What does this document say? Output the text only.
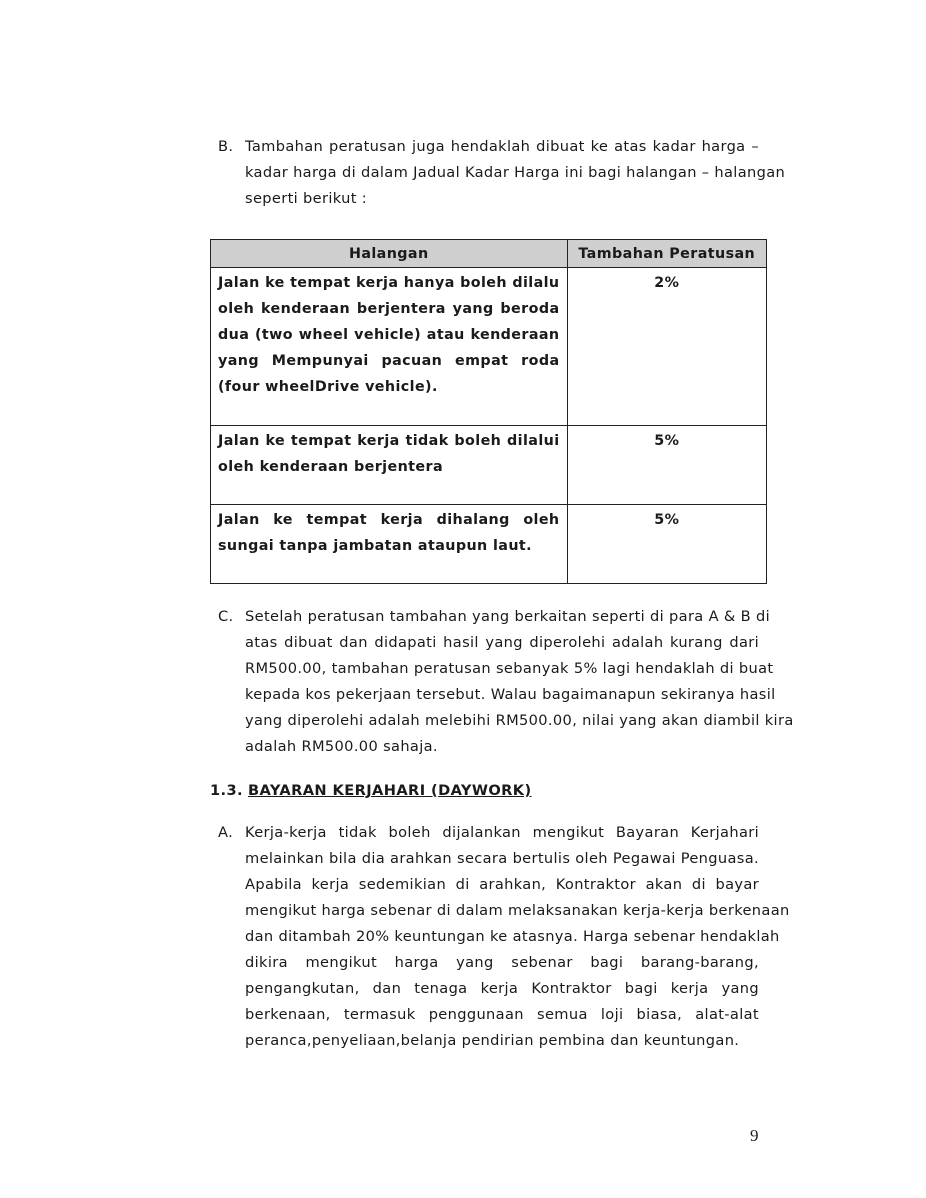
B. Tambahan peratusan juga hendaklah dibuat ke atas kadar harga –
kadar harga di dalam Jadual Kadar Harga ini bagi halangan – halangan
seperti berikut :
Halangan	Tambahan Peratusan

Jalan ke tempat kerja hanya boleh dilalu
oleh kenderaan berjentera yang beroda
dua (two wheel vehicle) atau kenderaan
yang Mempunyai pacuan empat roda
(four wheelDrive vehicle).	2%

Jalan ke tempat kerja tidak boleh dilalui
oleh kenderaan berjentera	5%

Jalan ke tempat kerja dihalang oleh
sungai tanpa jambatan ataupun laut.	5%
C. Setelah peratusan tambahan yang berkaitan seperti di para A & B di
atas dibuat dan didapati hasil yang diperolehi adalah kurang dari
RM500.00, tambahan peratusan sebanyak 5% lagi hendaklah di buat
kepada kos pekerjaan tersebut. Walau bagaimanapun sekiranya hasil
yang diperolehi adalah melebihi RM500.00, nilai yang akan diambil kira
adalah RM500.00 sahaja.
1.3. BAYARAN KERJAHARI (DAYWORK)
A. Kerja-kerja tidak boleh dijalankan mengikut Bayaran Kerjahari
melainkan bila dia arahkan secara bertulis oleh Pegawai Penguasa.
Apabila kerja sedemikian di arahkan, Kontraktor akan di bayar
mengikut harga sebenar di dalam melaksanakan kerja-kerja berkenaan
dan ditambah 20% keuntungan ke atasnya. Harga sebenar hendaklah
dikira mengikut harga yang sebenar bagi barang-barang,
pengangkutan, dan tenaga kerja Kontraktor bagi kerja yang
berkenaan, termasuk penggunaan semua loji biasa, alat-alat
peranca,penyeliaan,belanja pendirian pembina dan keuntungan.
9
